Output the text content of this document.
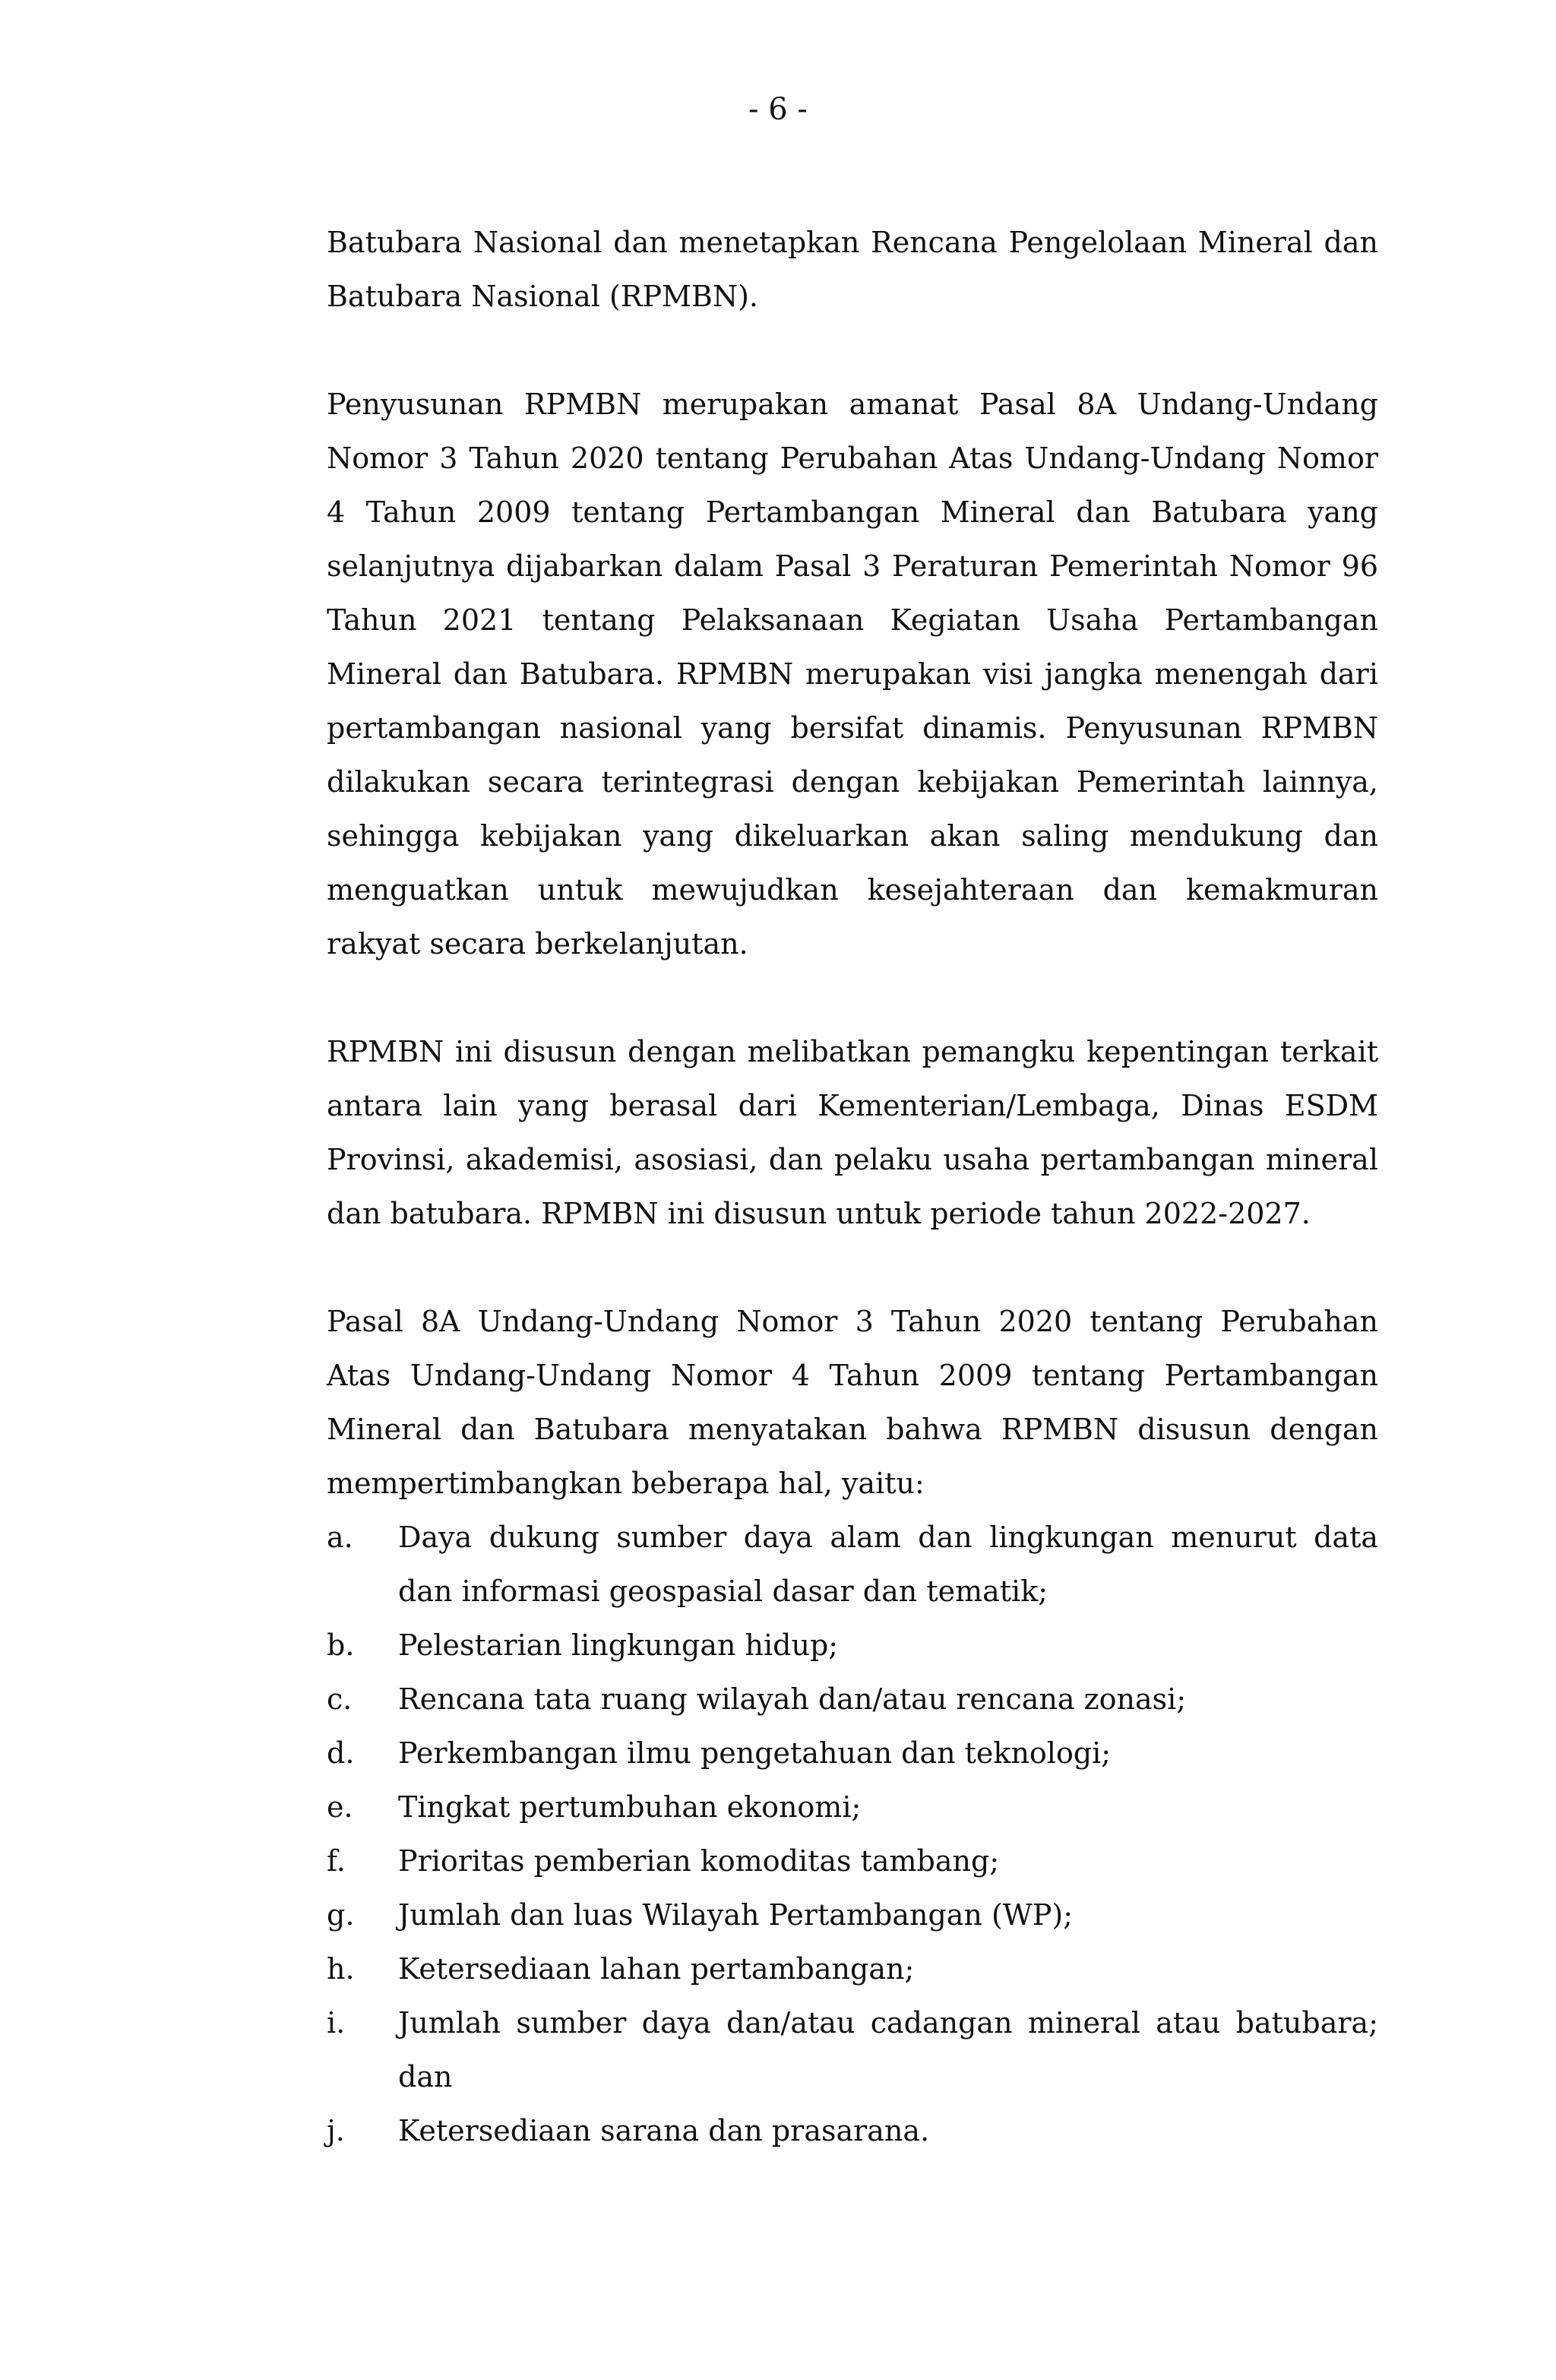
- 6 -

Batubara Nasional dan menetapkan Rencana Pengelolaan Mineral dan Batubara Nasional (RPMBN).

Penyusunan RPMBN merupakan amanat Pasal 8A Undang-Undang Nomor 3 Tahun 2020 tentang Perubahan Atas Undang-Undang Nomor 4 Tahun 2009 tentang Pertambangan Mineral dan Batubara yang selanjutnya dijabarkan dalam Pasal 3 Peraturan Pemerintah Nomor 96 Tahun 2021 tentang Pelaksanaan Kegiatan Usaha Pertambangan Mineral dan Batubara. RPMBN merupakan visi jangka menengah dari pertambangan nasional yang bersifat dinamis. Penyusunan RPMBN dilakukan secara terintegrasi dengan kebijakan Pemerintah lainnya, sehingga kebijakan yang dikeluarkan akan saling mendukung dan menguatkan untuk mewujudkan kesejahteraan dan kemakmuran rakyat secara berkelanjutan.

RPMBN ini disusun dengan melibatkan pemangku kepentingan terkait antara lain yang berasal dari Kementerian/Lembaga, Dinas ESDM Provinsi, akademisi, asosiasi, dan pelaku usaha pertambangan mineral dan batubara. RPMBN ini disusun untuk periode tahun 2022-2027.

Pasal 8A Undang-Undang Nomor 3 Tahun 2020 tentang Perubahan Atas Undang-Undang Nomor 4 Tahun 2009 tentang Pertambangan Mineral dan Batubara menyatakan bahwa RPMBN disusun dengan mempertimbangkan beberapa hal, yaitu:

a.	Daya dukung sumber daya alam dan lingkungan menurut data dan informasi geospasial dasar dan tematik;
b.	Pelestarian lingkungan hidup;
c.	Rencana tata ruang wilayah dan/atau rencana zonasi;
d.	Perkembangan ilmu pengetahuan dan teknologi;
e.	Tingkat pertumbuhan ekonomi;
f.	Prioritas pemberian komoditas tambang;
g.	Jumlah dan luas Wilayah Pertambangan (WP);
h.	Ketersediaan lahan pertambangan;
i.	Jumlah sumber daya dan/atau cadangan mineral atau batubara; dan
j.	Ketersediaan sarana dan prasarana.
